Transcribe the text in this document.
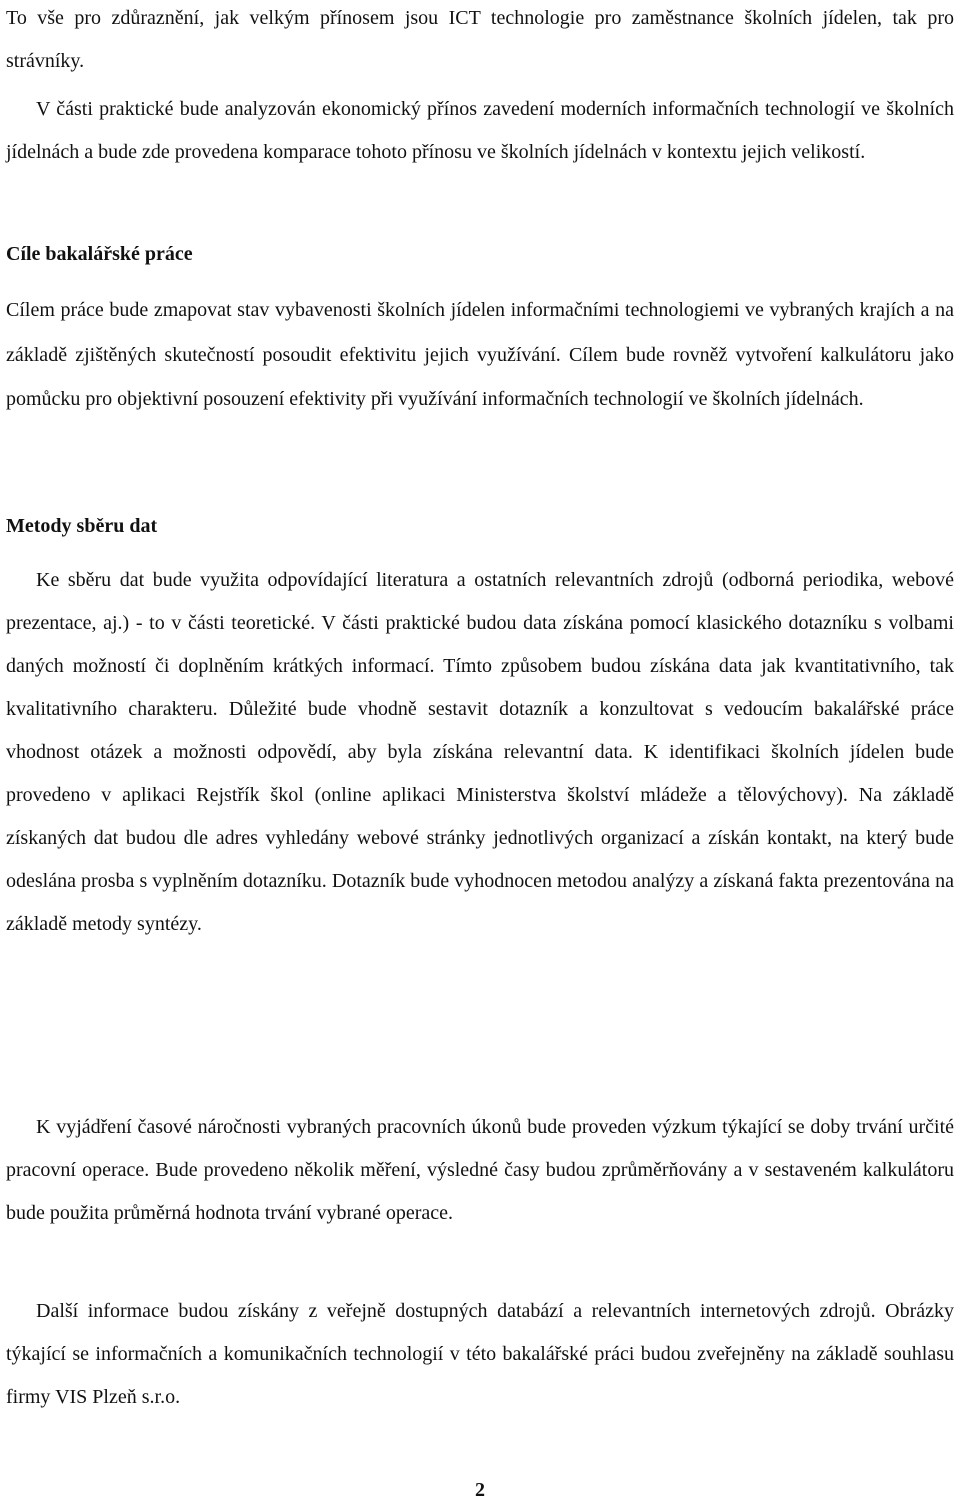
To vše pro zdůraznění, jak velkým přínosem jsou ICT technologie pro zaměstnance školních jídelen, tak pro strávníky.

V části praktické bude analyzován ekonomický přínos zavedení moderních informačních technologií ve školních jídelnách a bude zde provedena komparace tohoto přínosu ve školních jídelnách v kontextu jejich velikostí.

Cíle bakalářské práce

Cílem práce bude zmapovat stav vybavenosti školních jídelen informačními technologiemi ve vybraných krajích a na základě zjištěných skutečností posoudit efektivitu jejich využívání. Cílem bude rovněž vytvoření kalkulátoru jako pomůcku pro objektivní posouzení efektivity při využívání informačních technologií ve školních jídelnách.

Metody sběru dat

Ke sběru dat bude využita odpovídající literatura a ostatních relevantních zdrojů (odborná periodika, webové prezentace, aj.) - to v části teoretické. V části praktické budou data získána pomocí klasického dotazníku s volbami daných možností či doplněním krátkých informací. Tímto způsobem budou získána data jak kvantitativního, tak kvalitativního charakteru. Důležité bude vhodně sestavit dotazník a konzultovat s vedoucím bakalářské práce vhodnost otázek a možnosti odpovědí, aby byla získána relevantní data. K identifikaci školních jídelen bude provedeno v aplikaci Rejstřík škol (online aplikaci Ministerstva školství mládeže a tělovýchovy). Na základě získaných dat budou dle adres vyhledány webové stránky jednotlivých organizací a získán kontakt, na který bude odeslána prosba s vyplněním dotazníku. Dotazník bude vyhodnocen metodou analýzy a získaná fakta prezentována na základě metody syntézy.

K vyjádření časové náročnosti vybraných pracovních úkonů bude proveden výzkum týkající se doby trvání určité pracovní operace. Bude provedeno několik měření, výsledné časy budou zprůměrňovány a v sestaveném kalkulátoru bude použita průměrná hodnota trvání vybrané operace.

Další informace budou získány z veřejně dostupných databází a relevantních internetových zdrojů. Obrázky týkající se informačních a komunikačních technologií v této bakalářské práci budou zveřejněny na základě souhlasu firmy VIS Plzeň s.r.o.

2
